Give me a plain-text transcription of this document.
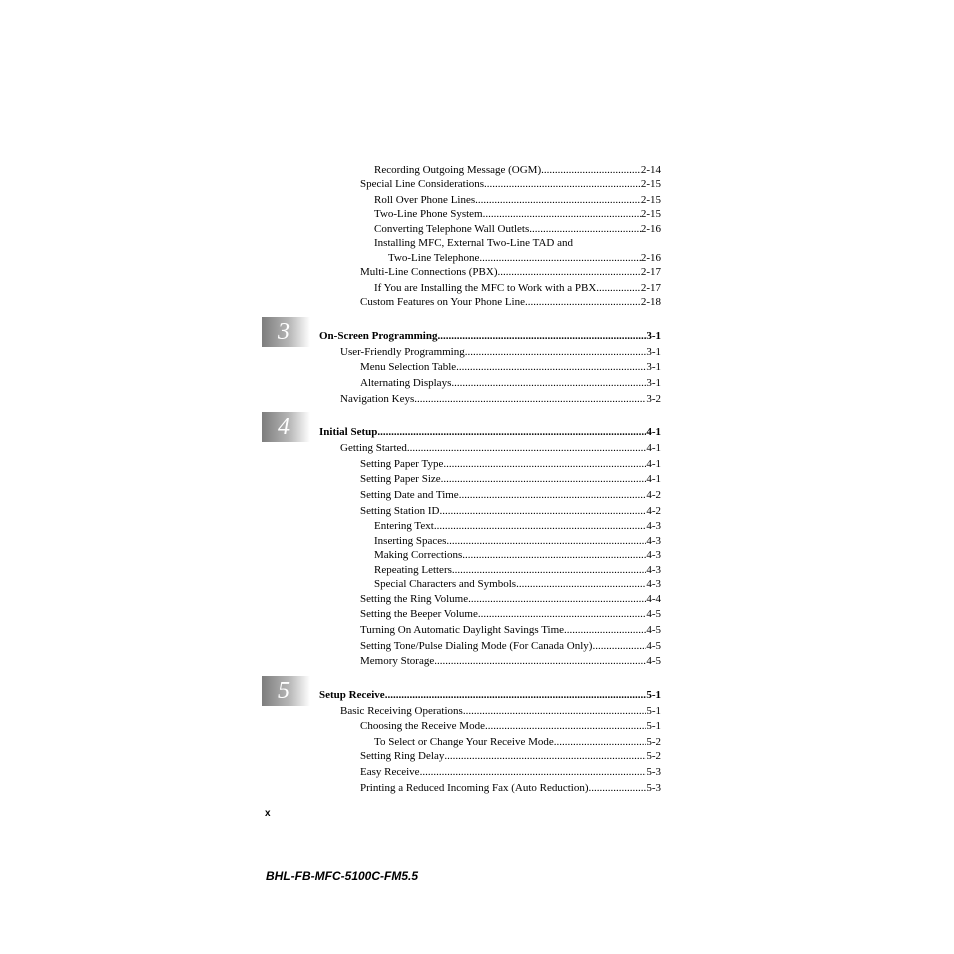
Recording Outgoing Message (OGM) .....	2-14
Special Line Considerations .....	2-15
Roll Over Phone Lines .....	2-15
Two-Line Phone System .....	2-15
Converting Telephone Wall Outlets .....	2-16
Installing MFC, External Two-Line TAD and
Two-Line Telephone .....	2-16
Multi-Line Connections (PBX) .....	2-17
If You are Installing the MFC to Work with a PBX .....	2-17
Custom Features on Your Phone Line .....	2-18
3	On-Screen Programming .....	3-1
User-Friendly Programming .....	3-1
Menu Selection Table .....	3-1
Alternating Displays .....	3-1
Navigation Keys .....	3-2
4	Initial Setup .....	4-1
Getting Started .....	4-1
Setting Paper Type .....	4-1
Setting Paper Size .....	4-1
Setting Date and Time .....	4-2
Setting Station ID .....	4-2
Entering Text .....	4-3
Inserting Spaces .....	4-3
Making Corrections .....	4-3
Repeating Letters .....	4-3
Special Characters and Symbols .....	4-3
Setting the Ring Volume .....	4-4
Setting the Beeper Volume .....	4-5
Turning On Automatic Daylight Savings Time .....	4-5
Setting Tone/Pulse Dialing Mode (For Canada Only) .....	4-5
Memory Storage .....	4-5
5	Setup Receive .....	5-1
Basic Receiving Operations .....	5-1
Choosing the Receive Mode .....	5-1
To Select or Change Your Receive Mode .....	5-2
Setting Ring Delay .....	5-2
Easy Receive .....	5-3
Printing a Reduced Incoming Fax (Auto Reduction) .....	5-3
x
BHL-FB-MFC-5100C-FM5.5
